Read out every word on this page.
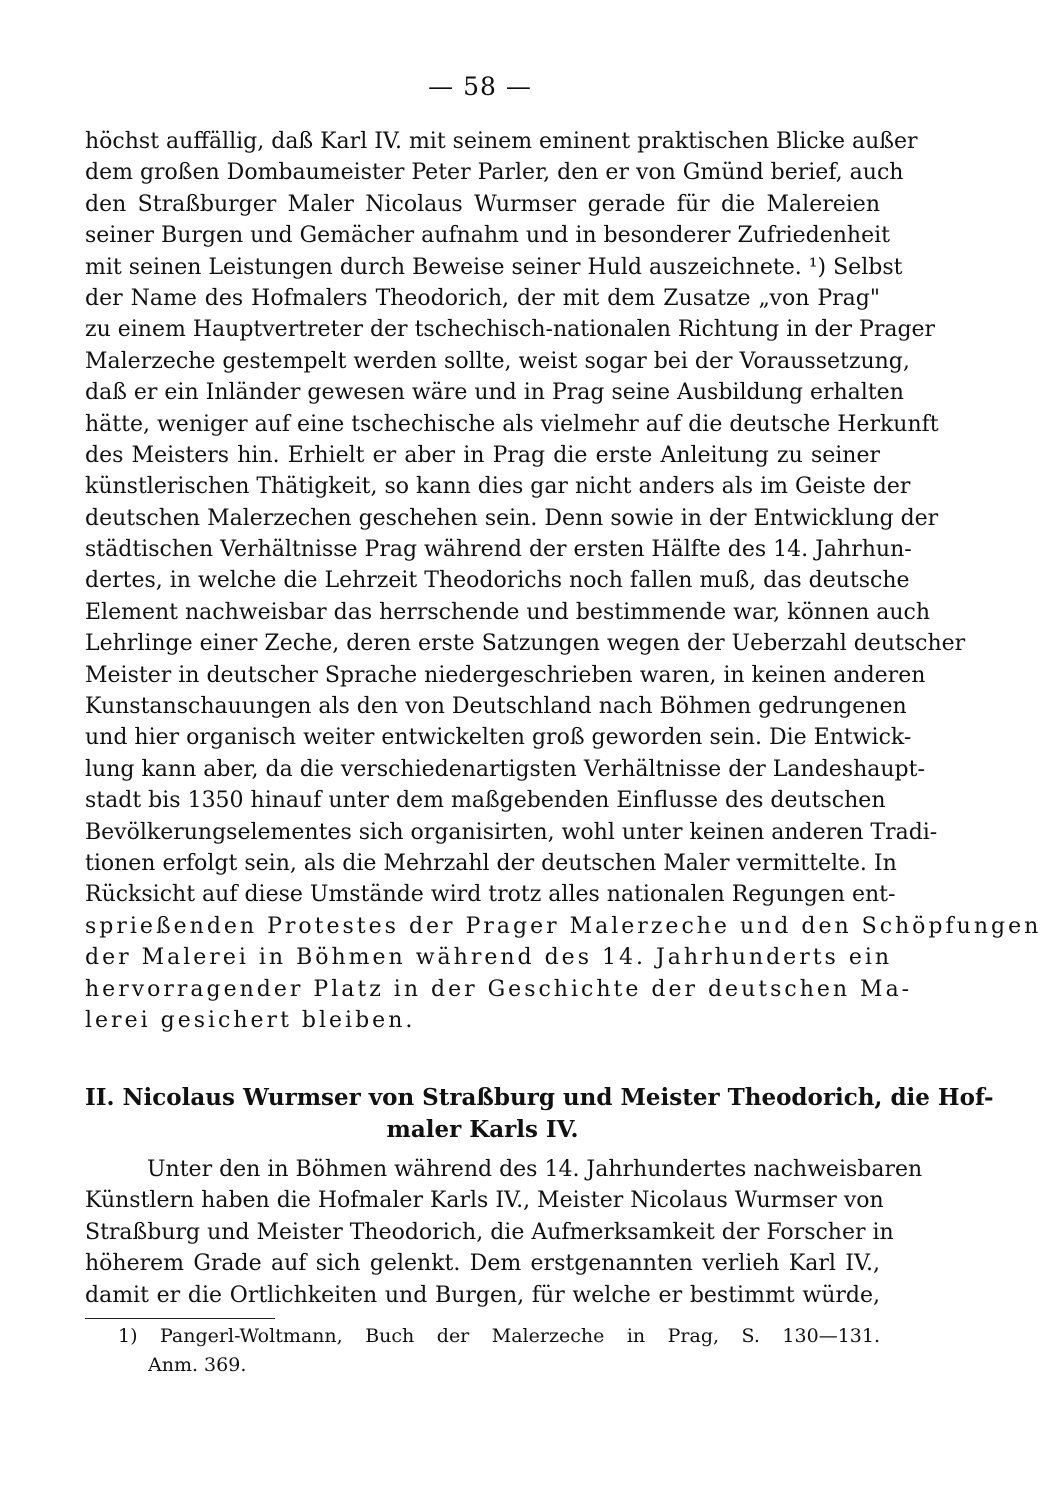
— 58 —
höchst auffällig, daß Karl IV. mit seinem eminent praktischen Blicke außer
dem großen Dombaumeister Peter Parler, den er von Gmünd berief, auch
den Straßburger Maler Nicolaus Wurmser gerade für die Malereien
seiner Burgen und Gemächer aufnahm und in besonderer Zufriedenheit
mit seinen Leistungen durch Beweise seiner Huld auszeichnete. ¹) Selbst
der Name des Hofmalers Theodorich, der mit dem Zusatze „von Prag"
zu einem Hauptvertreter der tschechisch-nationalen Richtung in der Prager
Malerzeche gestempelt werden sollte, weist sogar bei der Voraussetzung,
daß er ein Inländer gewesen wäre und in Prag seine Ausbildung erhalten
hätte, weniger auf eine tschechische als vielmehr auf die deutsche Herkunft
des Meisters hin. Erhielt er aber in Prag die erste Anleitung zu seiner
künstlerischen Thätigkeit, so kann dies gar nicht anders als im Geiste der
deutschen Malerzechen geschehen sein. Denn sowie in der Entwicklung der
städtischen Verhältnisse Prag während der ersten Hälfte des 14. Jahrhun-
dertes, in welche die Lehrzeit Theodorichs noch fallen muß, das deutsche
Element nachweisbar das herrschende und bestimmende war, können auch
Lehrlinge einer Zeche, deren erste Satzungen wegen der Ueberzahl deutscher
Meister in deutscher Sprache niedergeschrieben waren, in keinen anderen
Kunstanschauungen als den von Deutschland nach Böhmen gedrungenen
und hier organisch weiter entwickelten groß geworden sein. Die Entwick-
lung kann aber, da die verschiedenartigsten Verhältnisse der Landeshaupt-
stadt bis 1350 hinauf unter dem maßgebenden Einflusse des deutschen
Bevölkerungselementes sich organisirten, wohl unter keinen anderen Tradi-
tionen erfolgt sein, als die Mehrzahl der deutschen Maler vermittelte. In
Rücksicht auf diese Umstände wird trotz alles nationalen Regungen ent-
sprießenden Protestes der Prager Malerzeche und den Schöpfungen
der Malerei in Böhmen während des 14. Jahrhunderts ein
hervorragender Platz in der Geschichte der deutschen Ma-
lerei gesichert bleiben.
II. Nicolaus Wurmser von Straßburg und Meister Theodorich, die Hof-
maler Karls IV.
Unter den in Böhmen während des 14. Jahrhundertes nachweisbaren
Künstlern haben die Hofmaler Karls IV., Meister Nicolaus Wurmser von
Straßburg und Meister Theodorich, die Aufmerksamkeit der Forscher in
höherem Grade auf sich gelenkt. Dem erstgenannten verlieh Karl IV.,
damit er die Ortlichkeiten und Burgen, für welche er bestimmt würde,
1) Pangerl-Woltmann, Buch der Malerzeche in Prag, S. 130—131.
Anm. 369.
